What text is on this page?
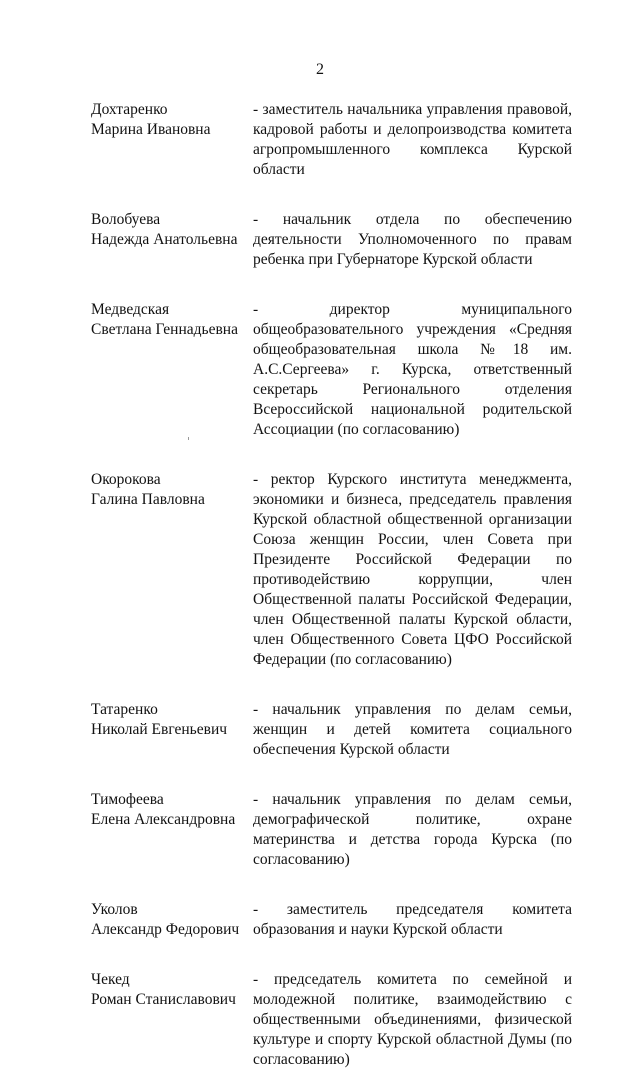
2
Дохтаренко
Марина Ивановна
- заместитель начальника управления правовой, кадровой работы и делопроизводства комитета агропромышленного комплекса Курской области
Волобуева
Надежда Анатольевна
- начальник отдела по обеспечению деятельности Уполномоченного по правам ребенка при Губернаторе Курской области
Медведская
Светлана Геннадьевна
- директор муниципального общеобразовательного учреждения «Средняя общеобразовательная школа №18 им. А.С.Сергеева» г. Курска, ответственный секретарь Регионального отделения Всероссийской национальной родительской Ассоциации (по согласованию)
Окорокова
Галина Павловна
- ректор Курского института менеджмента, экономики и бизнеса, председатель правления Курской областной общественной организации Союза женщин России, член Совета при Президенте Российской Федерации по противодействию коррупции, член Общественной палаты Российской Федерации, член Общественной палаты Курской области, член Общественного Совета ЦФО Российской Федерации (по согласованию)
Татаренко
Николай Евгеньевич
- начальник управления по делам семьи, женщин и детей комитета социального обеспечения Курской области
Тимофеева
Елена Александровна
- начальник управления по делам семьи, демографической политике, охране материнства и детства города Курска (по согласованию)
Уколов
Александр Федорович
- заместитель председателя комитета образования и науки Курской области
Чекед
Роман Станиславович
- председатель комитета по семейной и молодежной политике, взаимодействию с общественными объединениями, физической культуре и спорту Курской областной Думы (по согласованию)
